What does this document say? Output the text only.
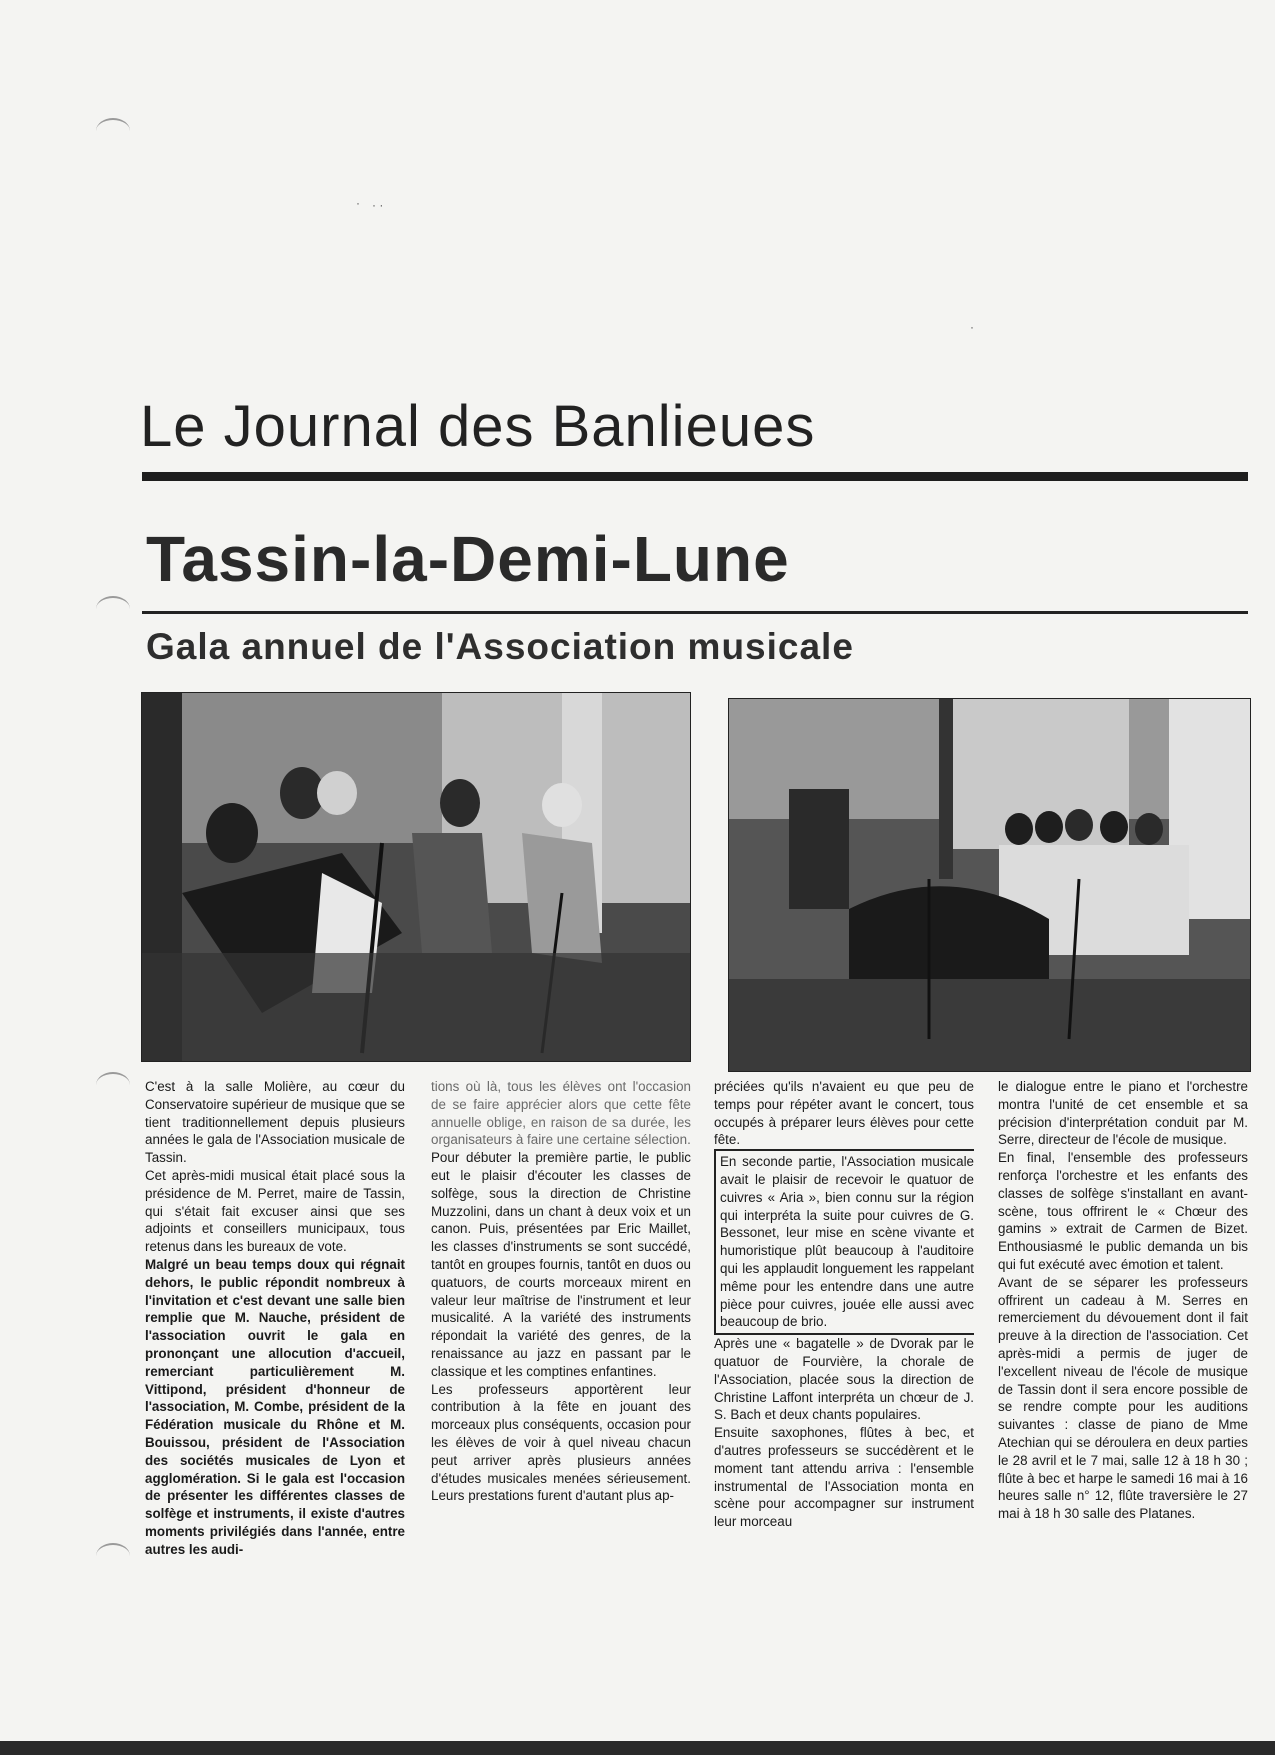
· · ·
·
Le Journal des Banlieues
Tassin-la-Demi-Lune
Gala annuel de l'Association musicale

C'est à la salle Molière, au cœur du Conservatoire supérieur de musique que se tient traditionnellement depuis plusieurs années le gala de l'Association musicale de Tassin.

Cet après-midi musical était placé sous la présidence de M. Perret, maire de Tassin, qui s'était fait excuser ainsi que ses adjoints et conseillers municipaux, tous retenus dans les bureaux de vote.

Malgré un beau temps doux qui régnait dehors, le public répondit nombreux à l'invitation et c'est devant une salle bien remplie que M. Nauche, président de l'association ouvrit le gala en prononçant une allocution d'accueil, remerciant particulièrement M. Vittipond, président d'honneur de l'association, M. Combe, président de la Fédération musicale du Rhône et M. Bouissou, président de l'Association des sociétés musicales de Lyon et agglomération. Si le gala est l'occasion de présenter les différentes classes de solfège et instruments, il existe d'autres moments privilégiés dans l'année, entre autres les audi-

tions où là, tous les élèves ont l'occasion de se faire apprécier alors que cette fête annuelle oblige, en raison de sa durée, les organisateurs à faire une certaine sélection.

Pour débuter la première partie, le public eut le plaisir d'écouter les classes de solfège, sous la direction de Christine Muzzolini, dans un chant à deux voix et un canon. Puis, présentées par Eric Maillet, les classes d'instruments se sont succédé, tantôt en groupes fournis, tantôt en duos ou quatuors, de courts morceaux mirent en valeur leur maîtrise de l'instrument et leur musicalité. A la variété des instruments répondait la variété des genres, de la renaissance au jazz en passant par le classique et les comptines enfantines.

Les professeurs apportèrent leur contribution à la fête en jouant des morceaux plus conséquents, occasion pour les élèves de voir à quel niveau chacun peut arriver après plusieurs années d'études musicales menées sérieusement. Leurs prestations furent d'autant plus ap-

préciées qu'ils n'avaient eu que peu de temps pour répéter avant le concert, tous occupés à préparer leurs élèves pour cette fête.

En seconde partie, l'Association musicale avait le plaisir de recevoir le quatuor de cuivres « Aria », bien connu sur la région qui interpréta la suite pour cuivres de G. Bessonet, leur mise en scène vivante et humoristique plût beaucoup à l'auditoire qui les applaudit longuement les rappelant même pour les entendre dans une autre pièce pour cuivres, jouée elle aussi avec beaucoup de brio.

Après une « bagatelle » de Dvorak par le quatuor de Fourvière, la chorale de l'Association, placée sous la direction de Christine Laffont interpréta un chœur de J. S. Bach et deux chants populaires.

Ensuite saxophones, flûtes à bec, et d'autres professeurs se succédèrent et le moment tant attendu arriva : l'ensemble instrumental de l'Association monta en scène pour accompagner sur instrument leur morceau

le dialogue entre le piano et l'orchestre montra l'unité de cet ensemble et sa précision d'interprétation conduit par M. Serre, directeur de l'école de musique.

En final, l'ensemble des professeurs renforça l'orchestre et les enfants des classes de solfège s'installant en avant-scène, tous offrirent le « Chœur des gamins » extrait de Carmen de Bizet. Enthousiasmé le public demanda un bis qui fut exécuté avec émotion et talent.

Avant de se séparer les professeurs offrirent un cadeau à M. Serres en remerciement du dévouement dont il fait preuve à la direction de l'association. Cet après-midi a permis de juger de l'excellent niveau de l'école de musique de Tassin dont il sera encore possible de se rendre compte pour les auditions suivantes : classe de piano de Mme Atechian qui se déroulera en deux parties le 28 avril et le 7 mai, salle 12 à 18 h 30 ; flûte à bec et harpe le samedi 16 mai à 16 heures salle n° 12, flûte traversière le 27 mai à 18 h 30 salle des Platanes.
